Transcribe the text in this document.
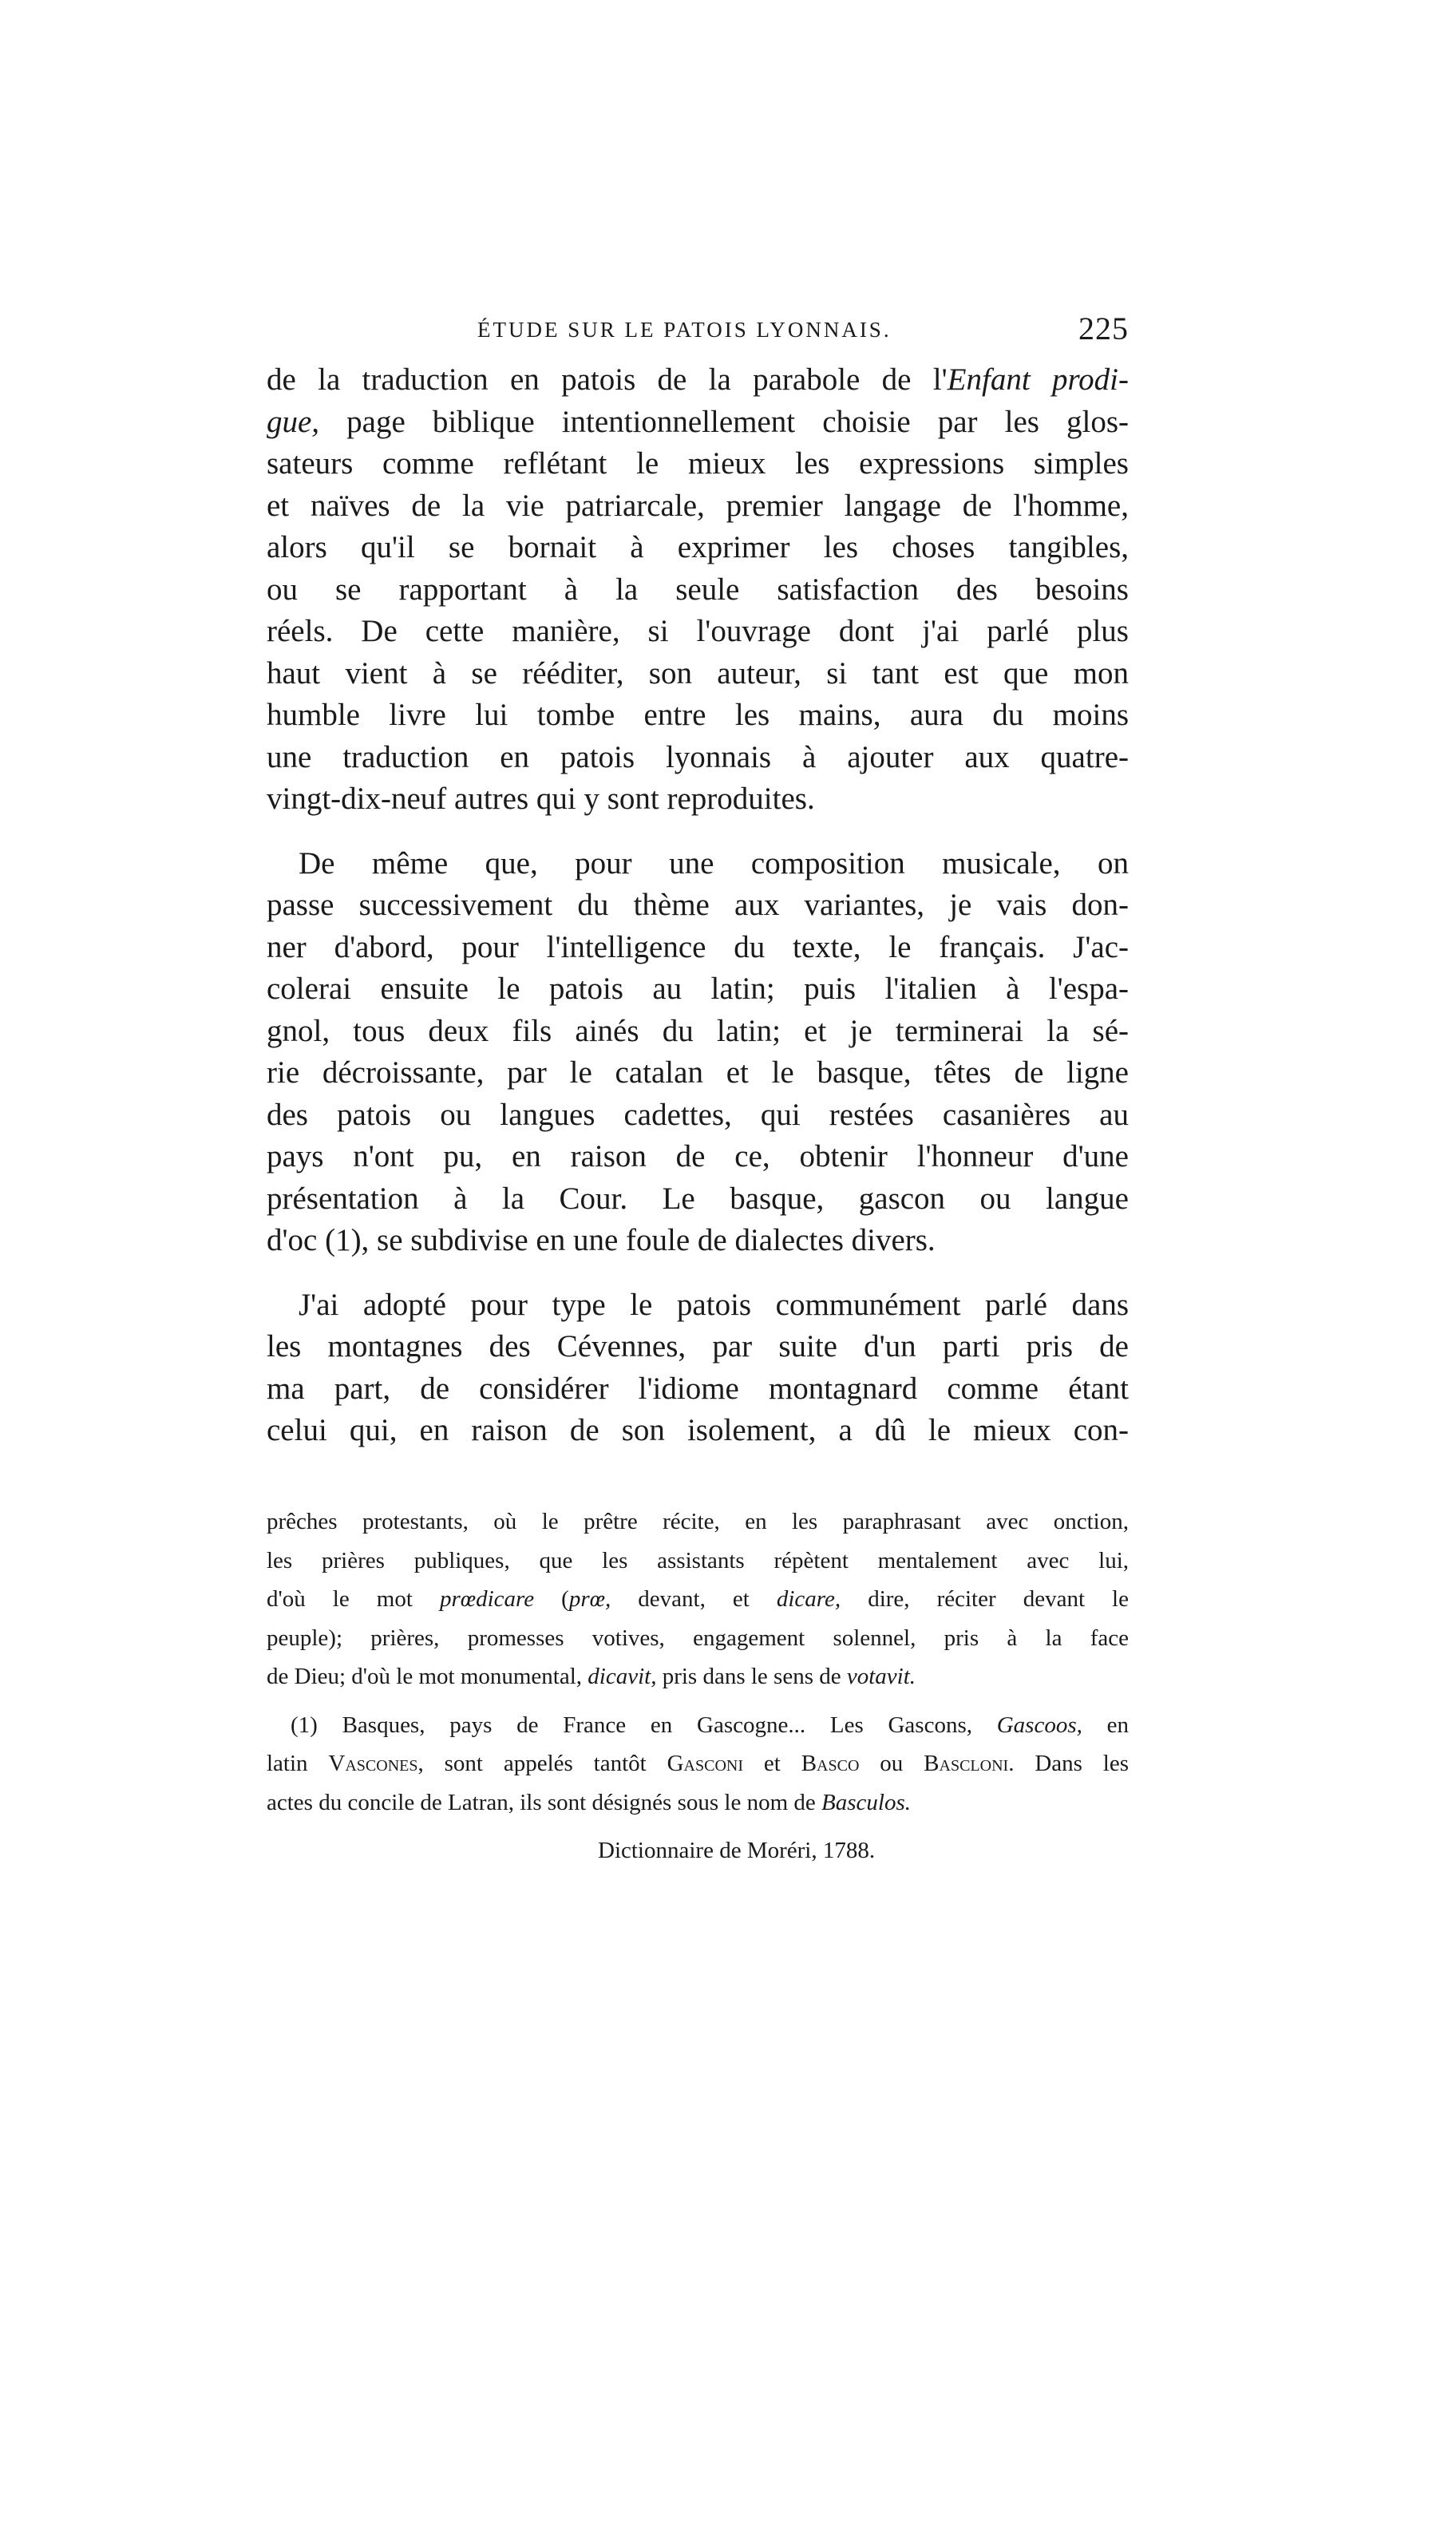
ÉTUDE SUR LE PATOIS LYONNAIS.	225
de la traduction en patois de la parabole de l'Enfant prodi-
gue, page biblique intentionnellement choisie par les glos-
sateurs comme reflétant le mieux les expressions simples
et naïves de la vie patriarcale, premier langage de l'homme,
alors qu'il se bornait à exprimer les choses tangibles,
ou se rapportant à la seule satisfaction des besoins
réels. De cette manière, si l'ouvrage dont j'ai parlé plus
haut vient à se rééditer, son auteur, si tant est que mon
humble livre lui tombe entre les mains, aura du moins
une traduction en patois lyonnais à ajouter aux quatre-
vingt-dix-neuf autres qui y sont reproduites.
De même que, pour une composition musicale, on
passe successivement du thème aux variantes, je vais don-
ner d'abord, pour l'intelligence du texte, le français. J'ac-
colerai ensuite le patois au latin; puis l'italien à l'espa-
gnol, tous deux fils ainés du latin; et je terminerai la sé-
rie décroissante, par le catalan et le basque, têtes de ligne
des patois ou langues cadettes, qui restées casanières au
pays n'ont pu, en raison de ce, obtenir l'honneur d'une
présentation à la Cour. Le basque, gascon ou langue
d'oc (1), se subdivise en une foule de dialectes divers.
J'ai adopté pour type le patois communément parlé dans
les montagnes des Cévennes, par suite d'un parti pris de
ma part, de considérer l'idiome montagnard comme étant
celui qui, en raison de son isolement, a dû le mieux con-
prêches protestants, où le prêtre récite, en les paraphrasant avec onction,
les prières publiques, que les assistants répètent mentalement avec lui,
d'où le mot prœdicare (prœ, devant, et dicare, dire, réciter devant le
peuple); prières, promesses votives, engagement solennel, pris à la face
de Dieu; d'où le mot monumental, dicavit, pris dans le sens de votavit.
(1) Basques, pays de France en Gascogne... Les Gascons, Gascoos, en
latin Vascones, sont appelés tantôt Gasconi et Basco ou Bascloni. Dans les
actes du concile de Latran, ils sont désignés sous le nom de Basculos.
Dictionnaire de Moréri, 1788.
